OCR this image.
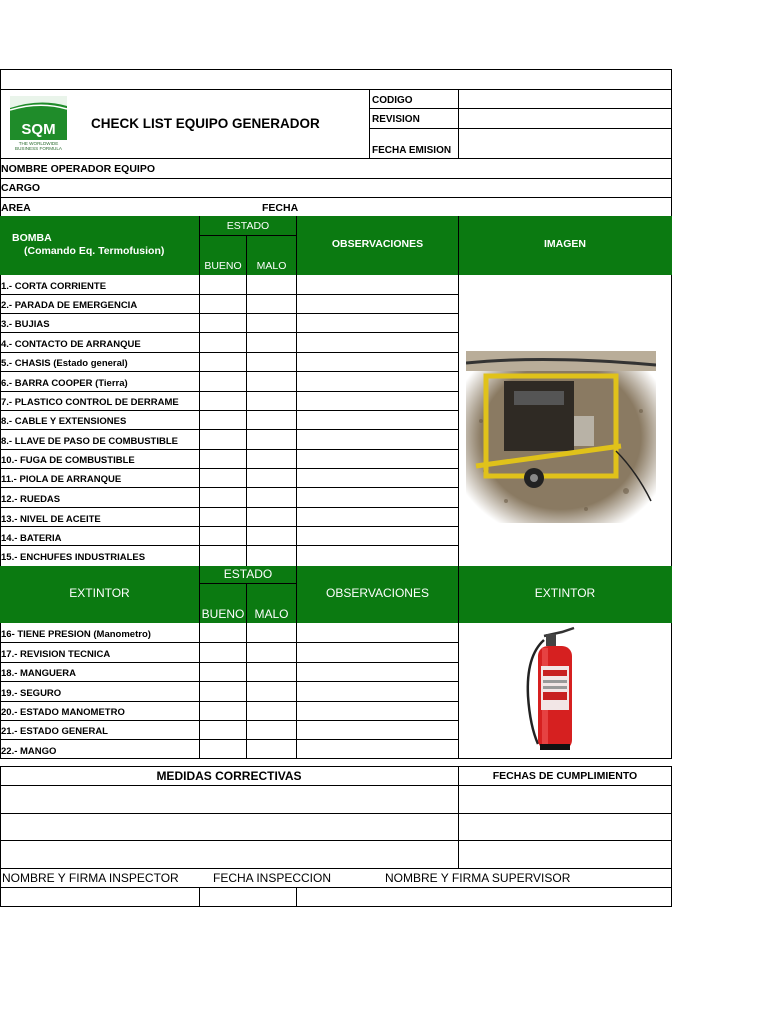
SQM
THE WORLDWIDE
BUSINESS FORMULA
CHECK LIST EQUIPO GENERADOR
CODIGO
REVISION
FECHA EMISION
NOMBRE OPERADOR EQUIPO
CARGO
AREA	FECHA
BOMBA
(Comando Eq. Termofusion)
ESTADO
BUENO	MALO
OBSERVACIONES	IMAGEN
1.- CORTA CORRIENTE
2.- PARADA DE EMERGENCIA
3.- BUJIAS
4.- CONTACTO DE ARRANQUE
5.- CHASIS (Estado general)
6.- BARRA COOPER (Tierra)
7.- PLASTICO CONTROL DE DERRAME
8.- CABLE Y EXTENSIONES
8.- LLAVE DE PASO DE COMBUSTIBLE
10.- FUGA DE COMBUSTIBLE
11.- PIOLA DE ARRANQUE
12.- RUEDAS
13.- NIVEL DE ACEITE
14.- BATERIA
15.- ENCHUFES INDUSTRIALES
EXTINTOR
ESTADO
BUENO MALO
OBSERVACIONES	EXTINTOR
16- TIENE PRESION (Manometro)
17.- REVISION TECNICA
18.- MANGUERA
19.- SEGURO
20.- ESTADO MANOMETRO
21.- ESTADO GENERAL
22.- MANGO
MEDIDAS CORRECTIVAS	FECHAS DE CUMPLIMIENTO
NOMBRE Y FIRMA INSPECTOR	FECHA INSPECCION	NOMBRE Y FIRMA SUPERVISOR
